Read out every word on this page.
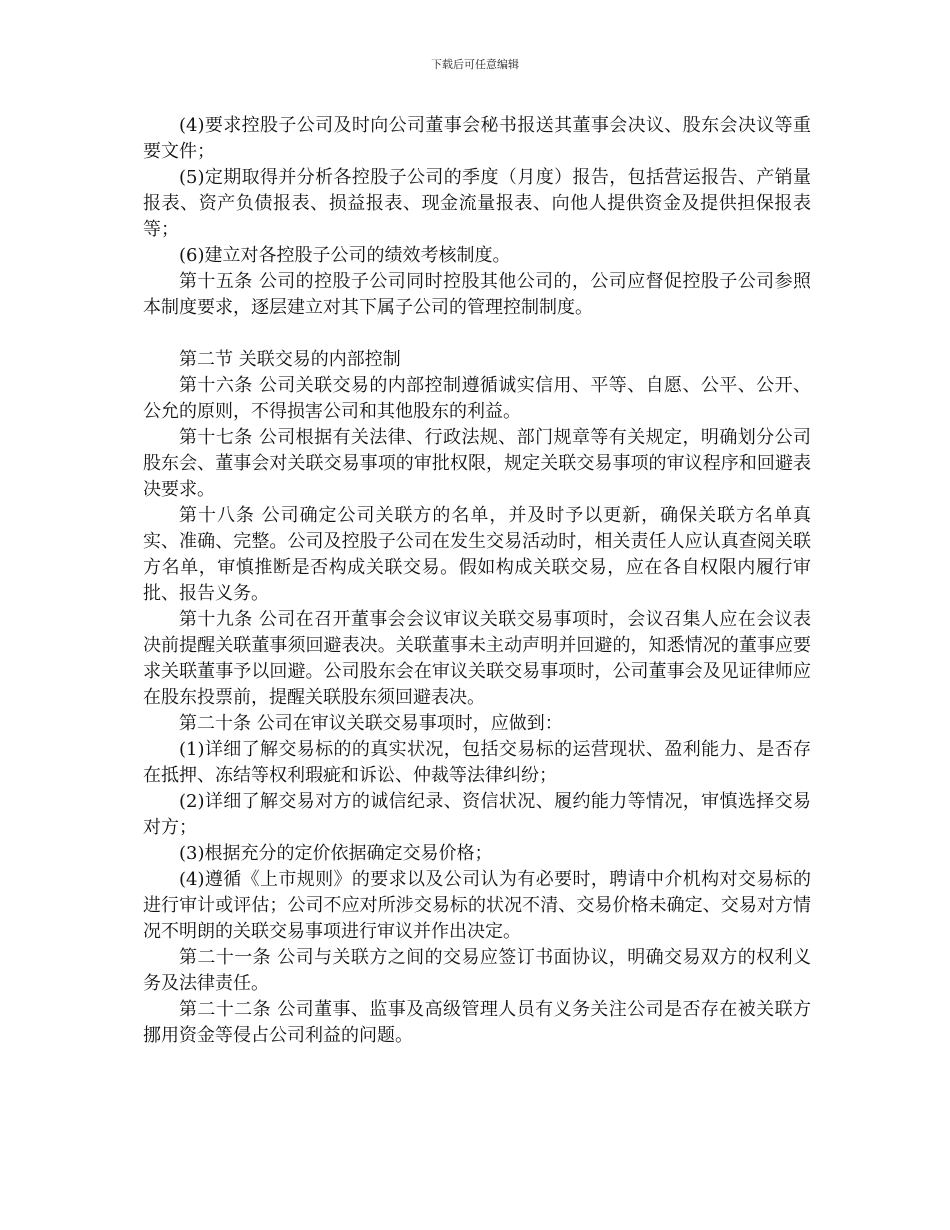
下载后可任意编辑

(4)要求控股子公司及时向公司董事会秘书报送其董事会决议、股东会决议等重要文件；

(5)定期取得并分析各控股子公司的季度（月度）报告，包括营运报告、产销量报表、资产负债报表、损益报表、现金流量报表、向他人提供资金及提供担保报表等；

(6)建立对各控股子公司的绩效考核制度。

第十五条 公司的控股子公司同时控股其他公司的，公司应督促控股子公司参照本制度要求，逐层建立对其下属子公司的管理控制制度。

第二节 关联交易的内部控制

第十六条 公司关联交易的内部控制遵循诚实信用、平等、自愿、公平、公开、公允的原则，不得损害公司和其他股东的利益。

第十七条 公司根据有关法律、行政法规、部门规章等有关规定，明确划分公司股东会、董事会对关联交易事项的审批权限，规定关联交易事项的审议程序和回避表决要求。

第十八条 公司确定公司关联方的名单，并及时予以更新，确保关联方名单真实、准确、完整。公司及控股子公司在发生交易活动时，相关责任人应认真查阅关联方名单，审慎推断是否构成关联交易。假如构成关联交易，应在各自权限内履行审批、报告义务。

第十九条 公司在召开董事会会议审议关联交易事项时，会议召集人应在会议表决前提醒关联董事须回避表决。关联董事未主动声明并回避的，知悉情况的董事应要求关联董事予以回避。公司股东会在审议关联交易事项时，公司董事会及见证律师应在股东投票前，提醒关联股东须回避表决。

第二十条 公司在审议关联交易事项时，应做到：

(1)详细了解交易标的的真实状况，包括交易标的运营现状、盈利能力、是否存在抵押、冻结等权利瑕疵和诉讼、仲裁等法律纠纷；

(2)详细了解交易对方的诚信纪录、资信状况、履约能力等情况，审慎选择交易对方；

(3)根据充分的定价依据确定交易价格；

(4)遵循《上市规则》的要求以及公司认为有必要时，聘请中介机构对交易标的进行审计或评估；公司不应对所涉交易标的状况不清、交易价格未确定、交易对方情况不明朗的关联交易事项进行审议并作出决定。

第二十一条 公司与关联方之间的交易应签订书面协议，明确交易双方的权利义务及法律责任。

第二十二条 公司董事、监事及高级管理人员有义务关注公司是否存在被关联方挪用资金等侵占公司利益的问题。
